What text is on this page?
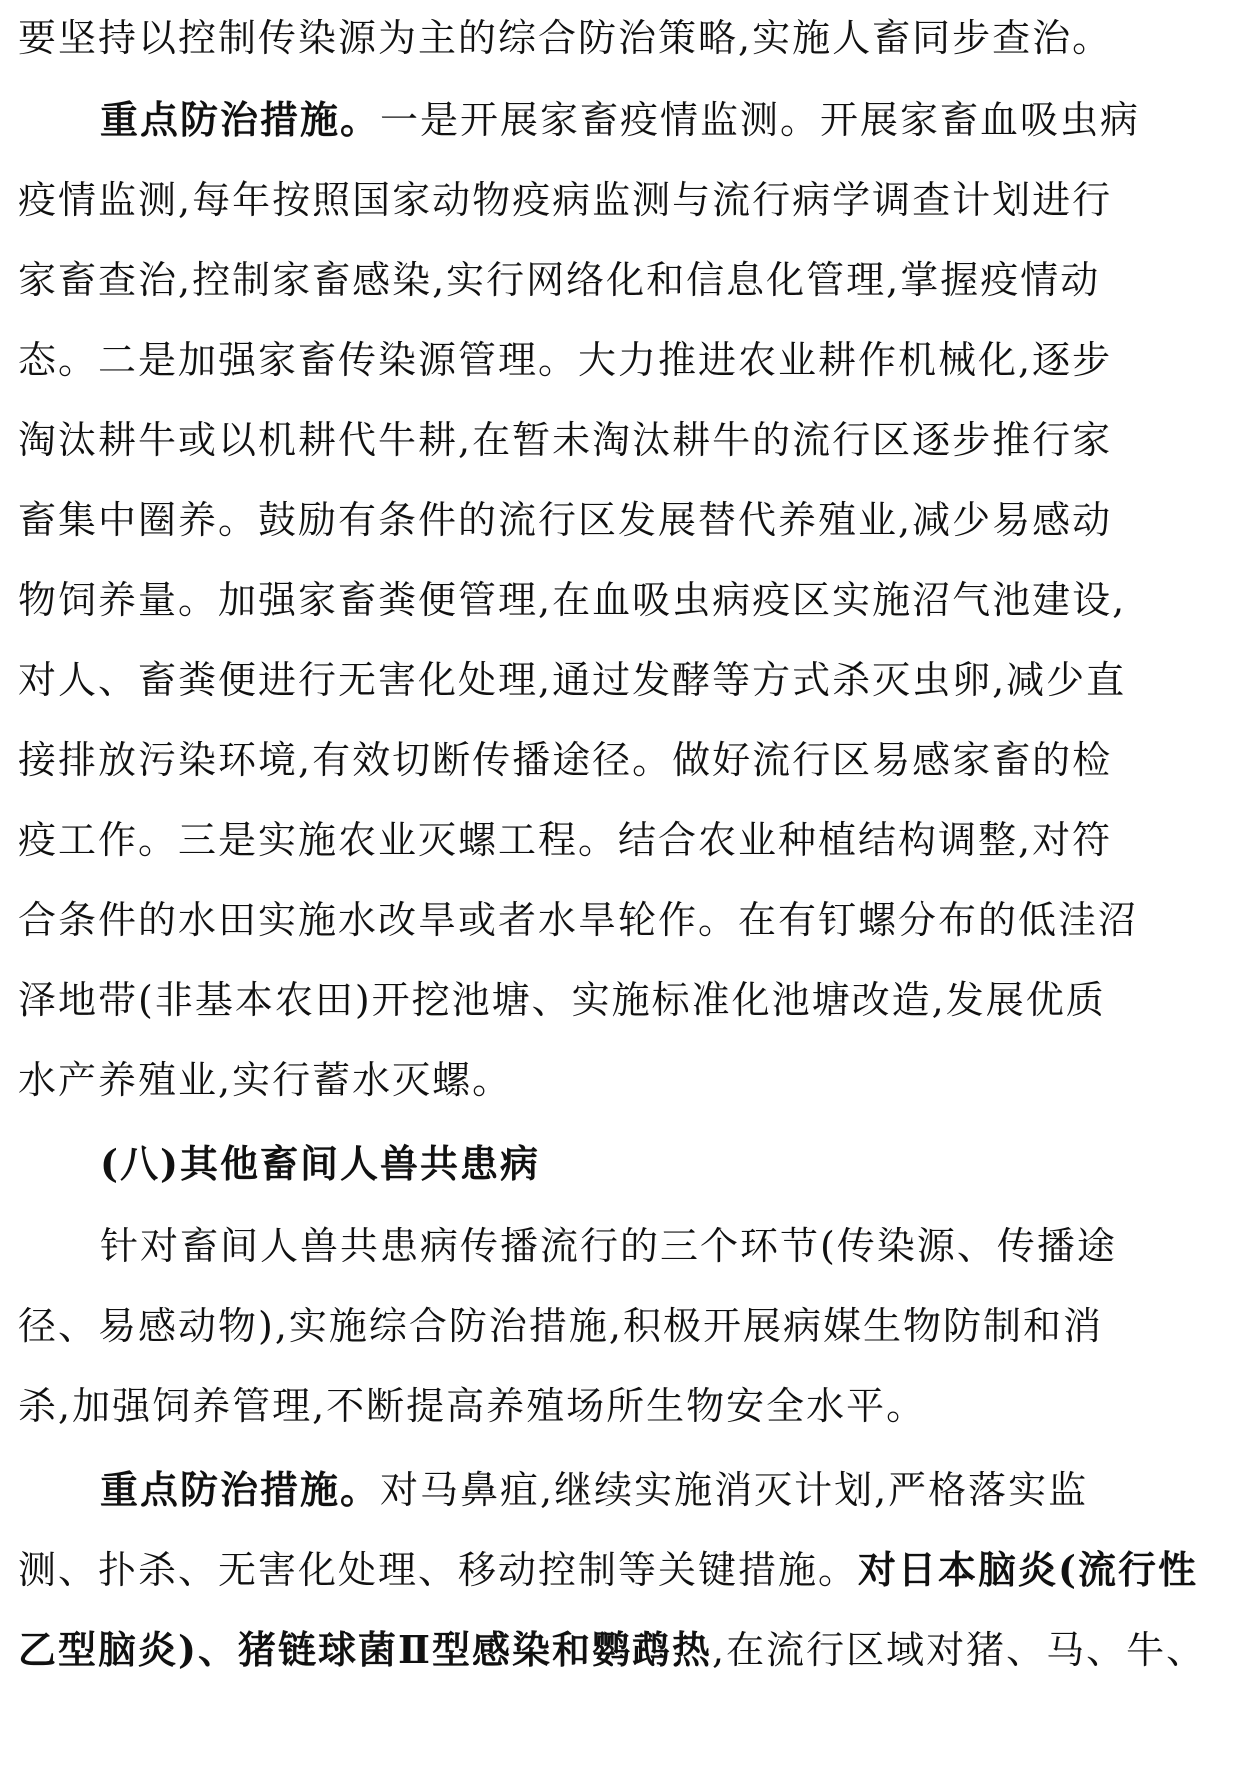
要坚持以控制传染源为主的综合防治策略,实施人畜同步查治。
重点防治措施。一是开展家畜疫情监测。开展家畜血吸虫病
疫情监测,每年按照国家动物疫病监测与流行病学调查计划进行
家畜查治,控制家畜感染,实行网络化和信息化管理,掌握疫情动
态。二是加强家畜传染源管理。大力推进农业耕作机械化,逐步
淘汰耕牛或以机耕代牛耕,在暂未淘汰耕牛的流行区逐步推行家
畜集中圈养。鼓励有条件的流行区发展替代养殖业,减少易感动
物饲养量。加强家畜粪便管理,在血吸虫病疫区实施沼气池建设,
对人、畜粪便进行无害化处理,通过发酵等方式杀灭虫卵,减少直
接排放污染环境,有效切断传播途径。做好流行区易感家畜的检
疫工作。三是实施农业灭螺工程。结合农业种植结构调整,对符
合条件的水田实施水改旱或者水旱轮作。在有钉螺分布的低洼沼
泽地带(非基本农田)开挖池塘、实施标准化池塘改造,发展优质
水产养殖业,实行蓄水灭螺。
(八)其他畜间人兽共患病
针对畜间人兽共患病传播流行的三个环节(传染源、传播途
径、易感动物),实施综合防治措施,积极开展病媒生物防制和消
杀,加强饲养管理,不断提高养殖场所生物安全水平。
重点防治措施。对马鼻疽,继续实施消灭计划,严格落实监
测、扑杀、无害化处理、移动控制等关键措施。对日本脑炎(流行性
乙型脑炎)、猪链球菌Ⅱ型感染和鹦鹉热,在流行区域对猪、马、牛、
